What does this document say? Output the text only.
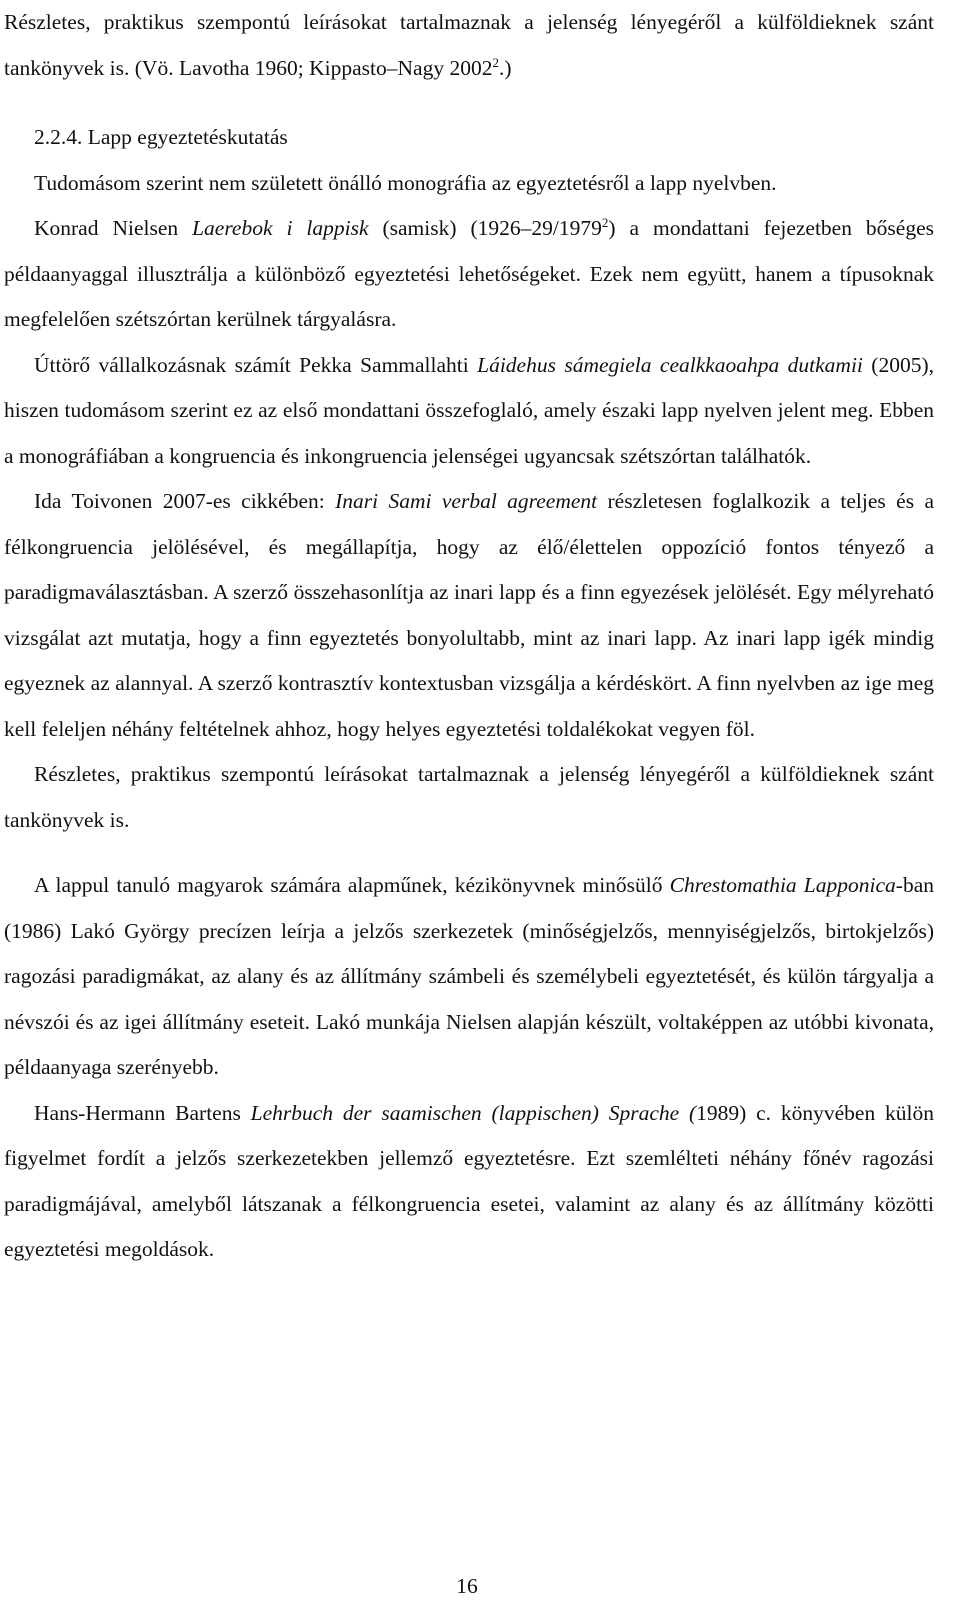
Részletes, praktikus szempontú leírásokat tartalmaznak a jelenség lényegéről a külföldieknek szánt tankönyvek is. (Vö. Lavotha 1960; Kippasto–Nagy 2002$^2$.)

2.2.4. Lapp egyeztetéskutatás

Tudomásom szerint nem született önálló monográfia az egyeztetésről a lapp nyelvben.

Konrad Nielsen Laerebok i lappisk (samisk) (1926–29/1979$^2$) a mondattani fejezetben bőséges példaanyaggal illusztrálja a különböző egyeztetési lehetőségeket. Ezek nem együtt, hanem a típusoknak megfelelően szétszórtan kerülnek tárgyalásra.

Úttörő vállalkozásnak számít Pekka Sammallahti Láidehus sámegiela cealkkaoahpa dutkamii (2005), hiszen tudomásom szerint ez az első mondattani összefoglaló, amely északi lapp nyelven jelent meg. Ebben a monográfiában a kongruencia és inkongruencia jelenségei ugyancsak szétszórtan találhatók.

Ida Toivonen 2007-es cikkében: Inari Sami verbal agreement részletesen foglalkozik a teljes és a félkongruencia jelölésével, és megállapítja, hogy az élő/élettelen oppozíció fontos tényező a paradigmaválasztásban. A szerző összehasonlítja az inari lapp és a finn egyezések jelölését. Egy mélyreható vizsgálat azt mutatja, hogy a finn egyeztetés bonyolultabb, mint az inari lapp. Az inari lapp igék mindig egyeznek az alannyal. A szerző kontrasztív kontextusban vizsgálja a kérdéskört. A finn nyelvben az ige meg kell feleljen néhány feltételnek ahhoz, hogy helyes egyeztetési toldalékokat vegyen föl.

Részletes, praktikus szempontú leírásokat tartalmaznak a jelenség lényegéről a külföldieknek szánt tankönyvek is.

A lappul tanuló magyarok számára alapműnek, kézikönyvnek minősülő Chrestomathia Lapponica-ban (1986) Lakó György precízen leírja a jelzős szerkezetek (minőségjelzős, mennyiségjelzős, birtokjelzős) ragozási paradigmákat, az alany és az állítmány számbeli és személybeli egyeztetését, és külön tárgyalja a névszói és az igei állítmány eseteit. Lakó munkája Nielsen alapján készült, voltaképpen az utóbbi kivonata, példaanyaga szerényebb.

Hans-Hermann Bartens Lehrbuch der saamischen (lappischen) Sprache (1989) c. könyvében külön figyelmet fordít a jelzős szerkezetekben jellemző egyeztetésre. Ezt szemlélteti néhány főnév ragozási paradigmájával, amelyből látszanak a félkongruencia esetei, valamint az alany és az állítmány közötti egyeztetési megoldások.

16
